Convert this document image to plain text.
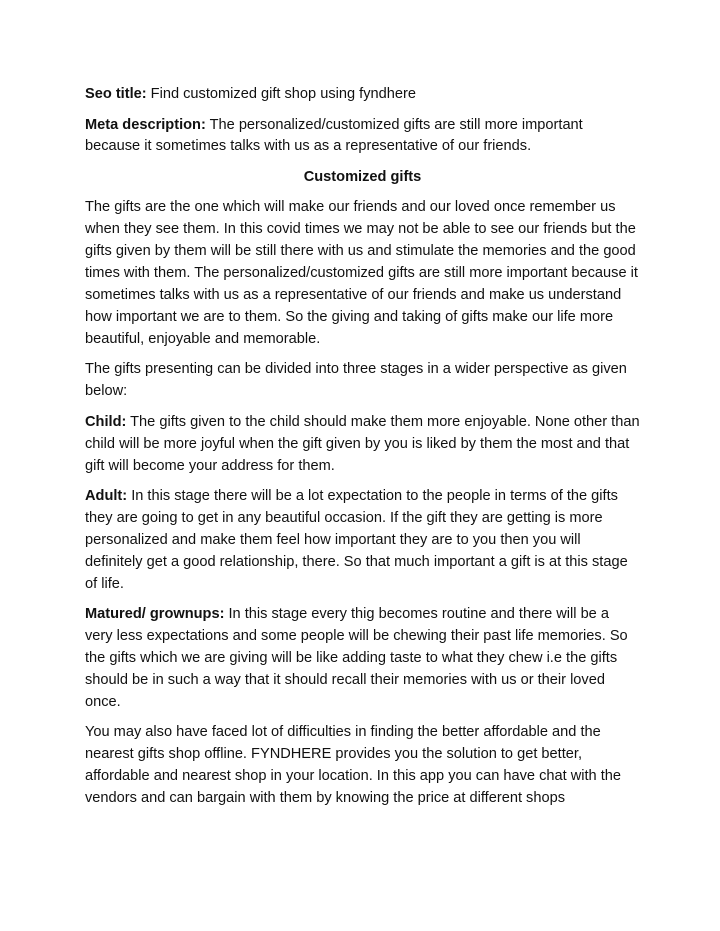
Seo title: Find customized gift shop using fyndhere

Meta description: The personalized/customized gifts are still more important because it sometimes talks with us as a representative of our friends.

Customized gifts

The gifts are the one which will make our friends and our loved once remember us when they see them. In this covid times we may not be able to see our friends but the gifts given by them will be still there with us and stimulate the memories and the good times with them. The personalized/customized gifts are still more important because it sometimes talks with us as a representative of our friends and make us understand how important we are to them. So the giving and taking of gifts make our life more beautiful, enjoyable and memorable.

The gifts presenting can be divided into three stages in a wider perspective as given below:

Child: The gifts given to the child should make them more enjoyable. None other than child will be more joyful when the gift given by you is liked by them the most and that gift will become your address for them.

Adult: In this stage there will be a lot expectation to the people in terms of the gifts they are going to get in any beautiful occasion. If the gift they are getting is more personalized and make them feel how important they are to you then you will definitely get a good relationship, there. So that much important a gift is at this stage of life.

Matured/ grownups: In this stage every thig becomes routine and there will be a very less expectations and some people will be chewing their past life memories. So the gifts which we are giving will be like adding taste to what they chew i.e the gifts should be in such a way that it should recall their memories with us or their loved once.

You may also have faced lot of difficulties in finding the better affordable and the nearest gifts shop offline. FYNDHERE provides you the solution to get better, affordable and nearest shop in your location. In this app you can have chat with the vendors and can bargain with them by knowing the price at different shops
